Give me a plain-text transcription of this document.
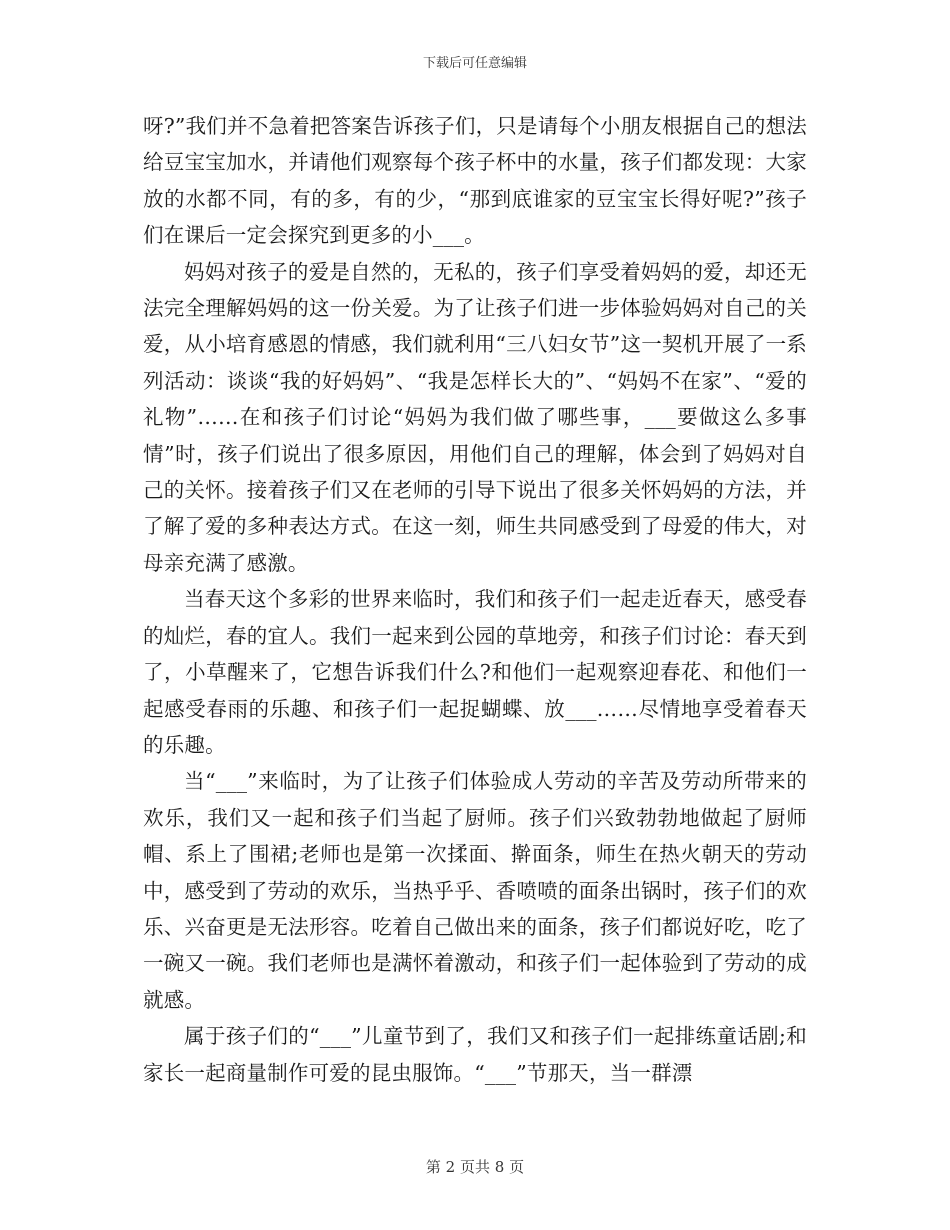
下载后可任意编辑

呀?”我们并不急着把答案告诉孩子们，只是请每个小朋友根据自己的想法给豆宝宝加水，并请他们观察每个孩子杯中的水量，孩子们都发现：大家放的水都不同，有的多，有的少，“那到底谁家的豆宝宝长得好呢?”孩子们在课后一定会探究到更多的小___。

妈妈对孩子的爱是自然的，无私的，孩子们享受着妈妈的爱，却还无法完全理解妈妈的这一份关爱。为了让孩子们进一步体验妈妈对自己的关爱，从小培育感恩的情感，我们就利用“三八妇女节”这一契机开展了一系列活动：谈谈“我的好妈妈”、“我是怎样长大的”、“妈妈不在家”、“爱的礼物”……在和孩子们讨论“妈妈为我们做了哪些事，___要做这么多事情”时，孩子们说出了很多原因，用他们自己的理解，体会到了妈妈对自己的关怀。接着孩子们又在老师的引导下说出了很多关怀妈妈的方法，并了解了爱的多种表达方式。在这一刻，师生共同感受到了母爱的伟大，对母亲充满了感激。

当春天这个多彩的世界来临时，我们和孩子们一起走近春天，感受春的灿烂，春的宜人。我们一起来到公园的草地旁，和孩子们讨论：春天到了，小草醒来了，它想告诉我们什么?和他们一起观察迎春花、和他们一起感受春雨的乐趣、和孩子们一起捉蝴蝶、放___……尽情地享受着春天的乐趣。

当“___”来临时，为了让孩子们体验成人劳动的辛苦及劳动所带来的欢乐，我们又一起和孩子们当起了厨师。孩子们兴致勃勃地做起了厨师帽、系上了围裙;老师也是第一次揉面、擀面条，师生在热火朝天的劳动中，感受到了劳动的欢乐，当热乎乎、香喷喷的面条出锅时，孩子们的欢乐、兴奋更是无法形容。吃着自己做出来的面条，孩子们都说好吃，吃了一碗又一碗。我们老师也是满怀着激动，和孩子们一起体验到了劳动的成就感。

属于孩子们的“___”儿童节到了，我们又和孩子们一起排练童话剧;和家长一起商量制作可爱的昆虫服饰。“___”节那天，当一群漂

第 2 页共 8 页
